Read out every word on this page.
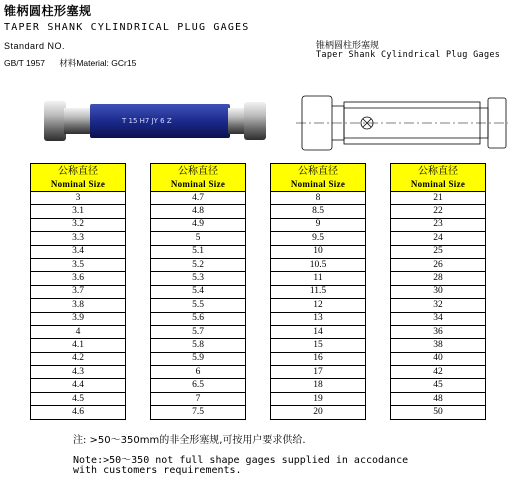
锥柄圆柱形塞规
TAPER SHANK CYLINDRICAL PLUG GAGES
Standard NO.
GB/T 1957 材料Material: GCr15
锥柄圆柱形塞规
Taper Shank Cylindrical Plug Gages
T 15 H7 JY 6 Z
公称直径
Nominal Size
3
3.1
3.2
3.3
3.4
3.5
3.6
3.7
3.8
3.9
4
4.1
4.2
4.3
4.4
4.5
4.6
公称直径
Nominal Size
4.7
4.8
4.9
5
5.1
5.2
5.3
5.4
5.5
5.6
5.7
5.8
5.9
6
6.5
7
7.5
公称直径
Nominal Size
8
8.5
9
9.5
10
10.5
11
11.5
12
13
14
15
16
17
18
19
20
公称直径
Nominal Size
21
22
23
24
25
26
28
30
32
34
36
38
40
42
45
48
50
注: >50～350mm的非全形塞规,可按用户要求供给.
Note:>50～350 not full shape gages supplied in accodance
with customers requirements.
